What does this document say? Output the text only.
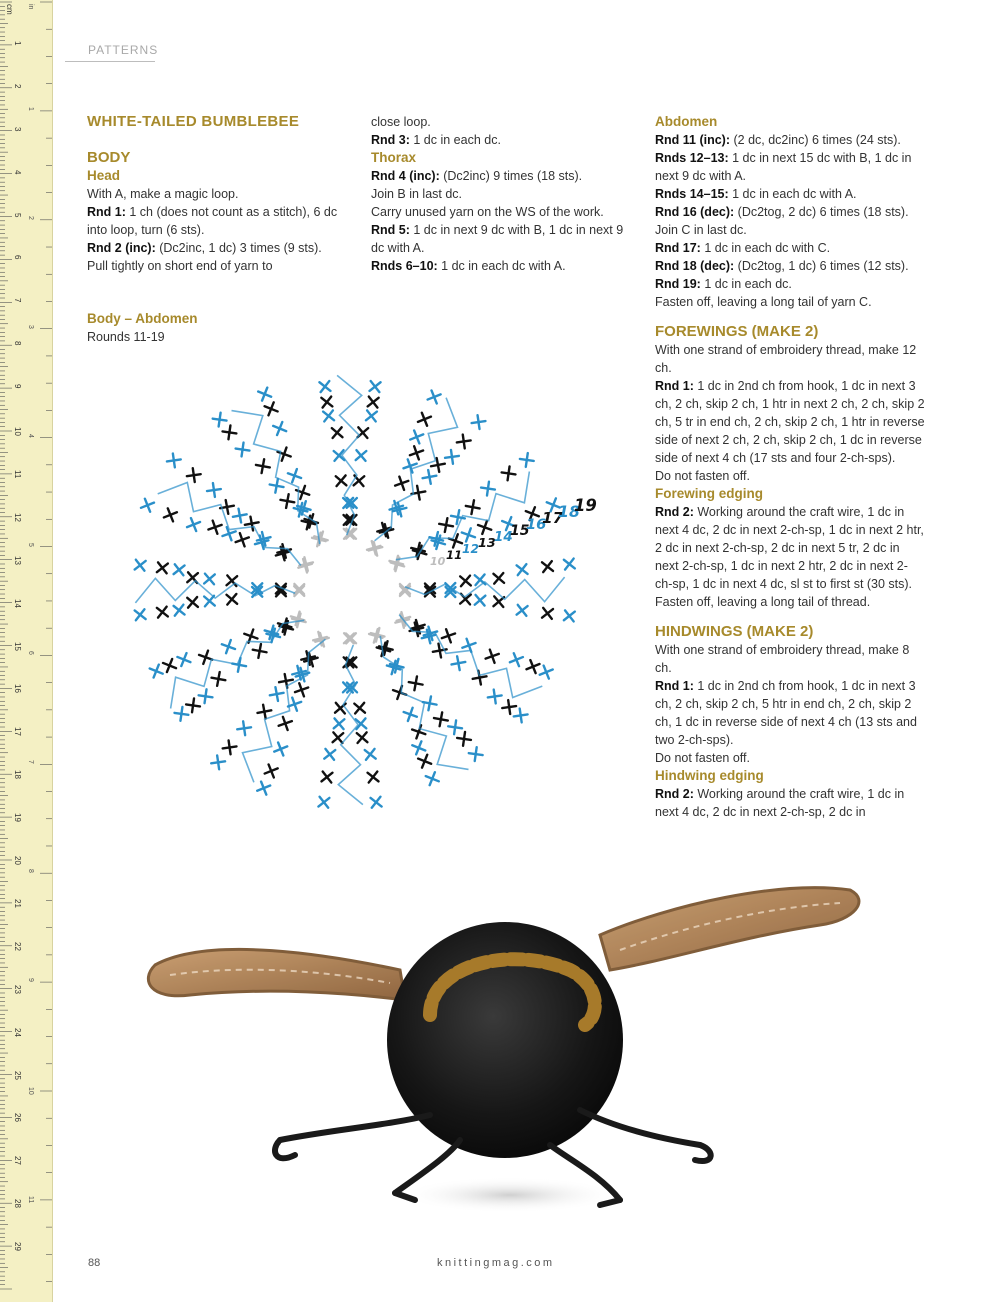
cm
1
2
3
4
5
6
7
8
9
10
11
12
13
14
15
16
17
18
19
20
21
22
23
24
25
26
27
28
29
in
1
2
3
4
5
6
7
8
9
10
11
PATTERNS
WHITE-TAILED BUMBLEBEE
BODY
Head

With A, make a magic loop.

Rnd 1: 1 ch (does not count as a stitch), 6 dc into loop, turn (6 sts).

Rnd 2 (inc): (Dc2inc, 1 dc) 3 times (9 sts). Pull tightly on short end of yarn to

close loop.

Rnd 3: 1 dc in each dc.

Thorax

Rnd 4 (inc): (Dc2inc) 9 times (18 sts).

Join B in last dc.

Carry unused yarn on the WS of the work.

Rnd 5: 1 dc in next 9 dc with B, 1 dc in next 9 dc with A.

Rnds 6–10: 1 dc in each dc with A.

Abdomen

Rnd 11 (inc): (2 dc, dc2inc) 6 times (24 sts).

Rnds 12–13: 1 dc in next 15 dc with B, 1 dc in next 9 dc with A.

Rnds 14–15: 1 dc in each dc with A.

Rnd 16 (dec): (Dc2tog, 2 dc) 6 times (18 sts). Join C in last dc.

Rnd 17: 1 dc in each dc with C.

Rnd 18 (dec): (Dc2tog, 1 dc) 6 times (12 sts).

Rnd 19: 1 dc in each dc.

Fasten off, leaving a long tail of yarn C.

FOREWINGS (MAKE 2)

With one strand of embroidery thread, make 12 ch.

Rnd 1: 1 dc in 2nd ch from hook, 1 dc in next 3 ch, 2 ch, skip 2 ch, 1 htr in next 2 ch, 2 ch, skip 2 ch, 5 tr in end ch, 2 ch, skip 2 ch, 1 htr in reverse side of next 2 ch, 2 ch, skip 2 ch, 1 dc in reverse side of next 4 ch (17 sts and four 2-ch-sps).

Do not fasten off.

Forewing edging

Rnd 2: Working around the craft wire, 1 dc in next 4 dc, 2 dc in next 2-ch-sp, 1 dc in next 2 htr, 2 dc in next 2-ch-sp, 2 dc in next 5 tr, 2 dc in next 2-ch-sp, 1 dc in next 2 htr, 2 dc in next 2-ch-sp, 1 dc in next 4 dc, sl st to first st (30 sts).

Fasten off, leaving a long tail of thread.

HINDWINGS (MAKE 2)

With one strand of embroidery thread, make 8 ch.

Rnd 1: 1 dc in 2nd ch from hook, 1 dc in next 3 ch, 2 ch, skip 2 ch, 5 htr in end ch, 2 ch, skip 2 ch, 1 dc in reverse side of next 4 ch (13 sts and two 2-ch-sps).

Do not fasten off.

Hindwing edging

Rnd 2: Working around the craft wire, 1 dc in next 4 dc, 2 dc in next 2-ch-sp, 2 dc in

Body – Abdomen
Rounds 11-19
10 11 12 13
14
15
16
17
18
19
88	knittingmag.com
